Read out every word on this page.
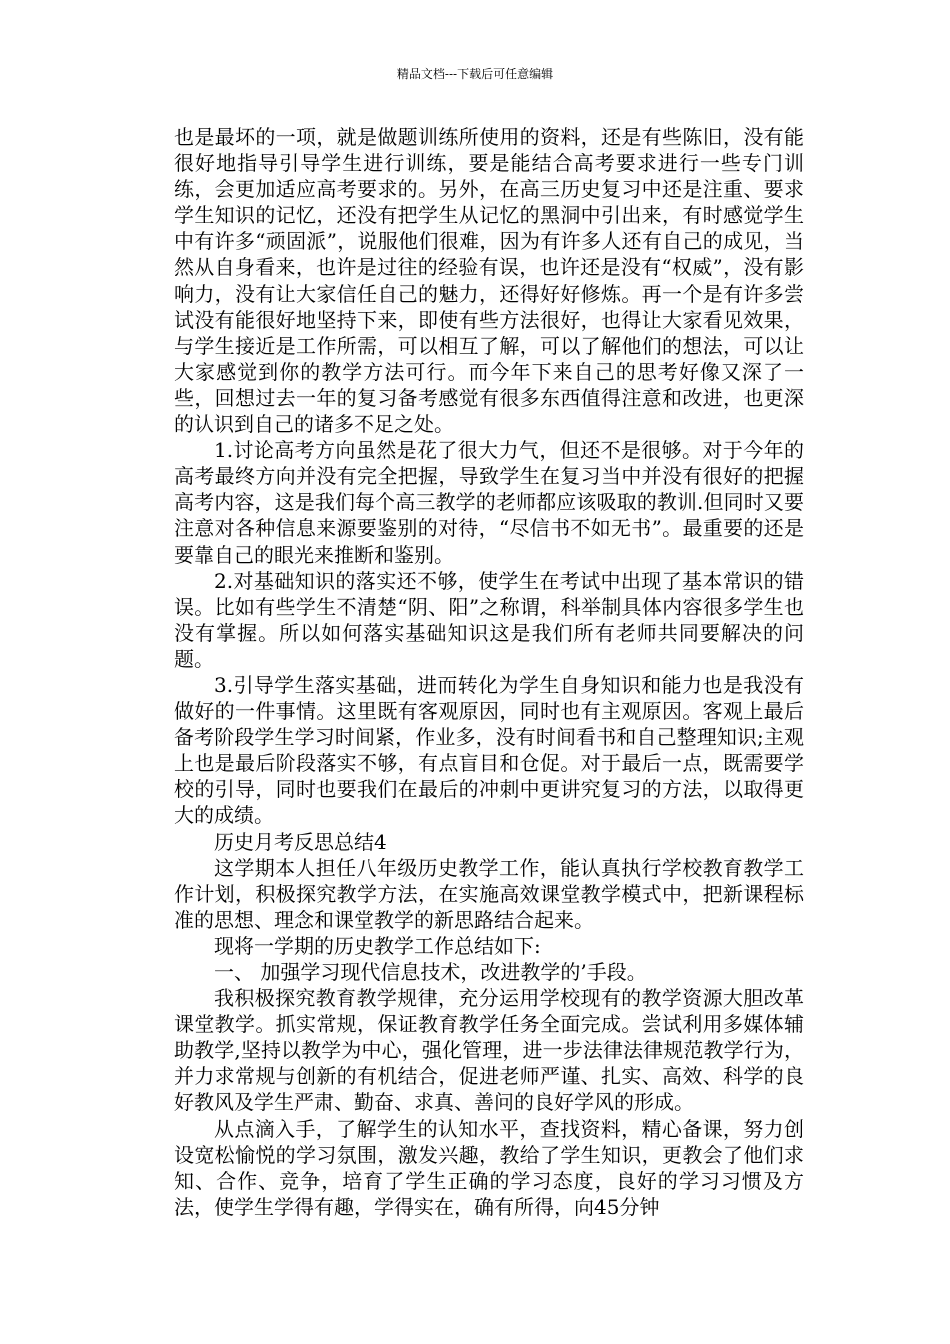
精品文档---下载后可任意编辑

也是最坏的一项，就是做题训练所使用的资料，还是有些陈旧，没有能很好地指导引导学生进行训练，要是能结合高考要求进行一些专门训练，会更加适应高考要求的。另外，在高三历史复习中还是注重、要求学生知识的记忆，还没有把学生从记忆的黑洞中引出来，有时感觉学生中有许多“顽固派”，说服他们很难，因为有许多人还有自己的成见，当然从自身看来，也许是过往的经验有误，也许还是没有“权威”，没有影响力，没有让大家信任自己的魅力，还得好好修炼。再一个是有许多尝试没有能很好地坚持下来，即使有些方法很好，也得让大家看见效果，与学生接近是工作所需，可以相互了解，可以了解他们的想法，可以让大家感觉到你的教学方法可行。而今年下来自己的思考好像又深了一些，回想过去一年的复习备考感觉有很多东西值得注意和改进，也更深的认识到自己的诸多不足之处。

1.讨论高考方向虽然是花了很大力气，但还不是很够。对于今年的高考最终方向并没有完全把握，导致学生在复习当中并没有很好的把握高考内容，这是我们每个高三教学的老师都应该吸取的教训.但同时又要注意对各种信息来源要鉴别的对待，“尽信书不如无书”。最重要的还是要靠自己的眼光来推断和鉴别。

2.对基础知识的落实还不够，使学生在考试中出现了基本常识的错误。比如有些学生不清楚“阴、阳”之称谓，科举制具体内容很多学生也没有掌握。所以如何落实基础知识这是我们所有老师共同要解决的问题。

3.引导学生落实基础，进而转化为学生自身知识和能力也是我没有做好的一件事情。这里既有客观原因，同时也有主观原因。客观上最后备考阶段学生学习时间紧，作业多，没有时间看书和自己整理知识;主观上也是最后阶段落实不够，有点盲目和仓促。对于最后一点，既需要学校的引导，同时也要我们在最后的冲刺中更讲究复习的方法，以取得更大的成绩。

历史月考反思总结4

这学期本人担任八年级历史教学工作，能认真执行学校教育教学工作计划，积极探究教学方法，在实施高效课堂教学模式中，把新课程标准的思想、理念和课堂教学的新思路结合起来。

现将一学期的历史教学工作总结如下:

一、 加强学习现代信息技术，改进教学的’手段。

我积极探究教育教学规律，充分运用学校现有的教学资源大胆改革课堂教学。抓实常规，保证教育教学任务全面完成。尝试利用多媒体辅助教学,坚持以教学为中心，强化管理，进一步法律法律规范教学行为，并力求常规与创新的有机结合，促进老师严谨、扎实、高效、科学的良好教风及学生严肃、勤奋、求真、善问的良好学风的形成。

从点滴入手，了解学生的认知水平，查找资料，精心备课，努力创设宽松愉悦的学习氛围，激发兴趣，教给了学生知识，更教会了他们求知、合作、竞争，培育了学生正确的学习态度，良好的学习习惯及方法，使学生学得有趣，学得实在，确有所得，向45分钟
